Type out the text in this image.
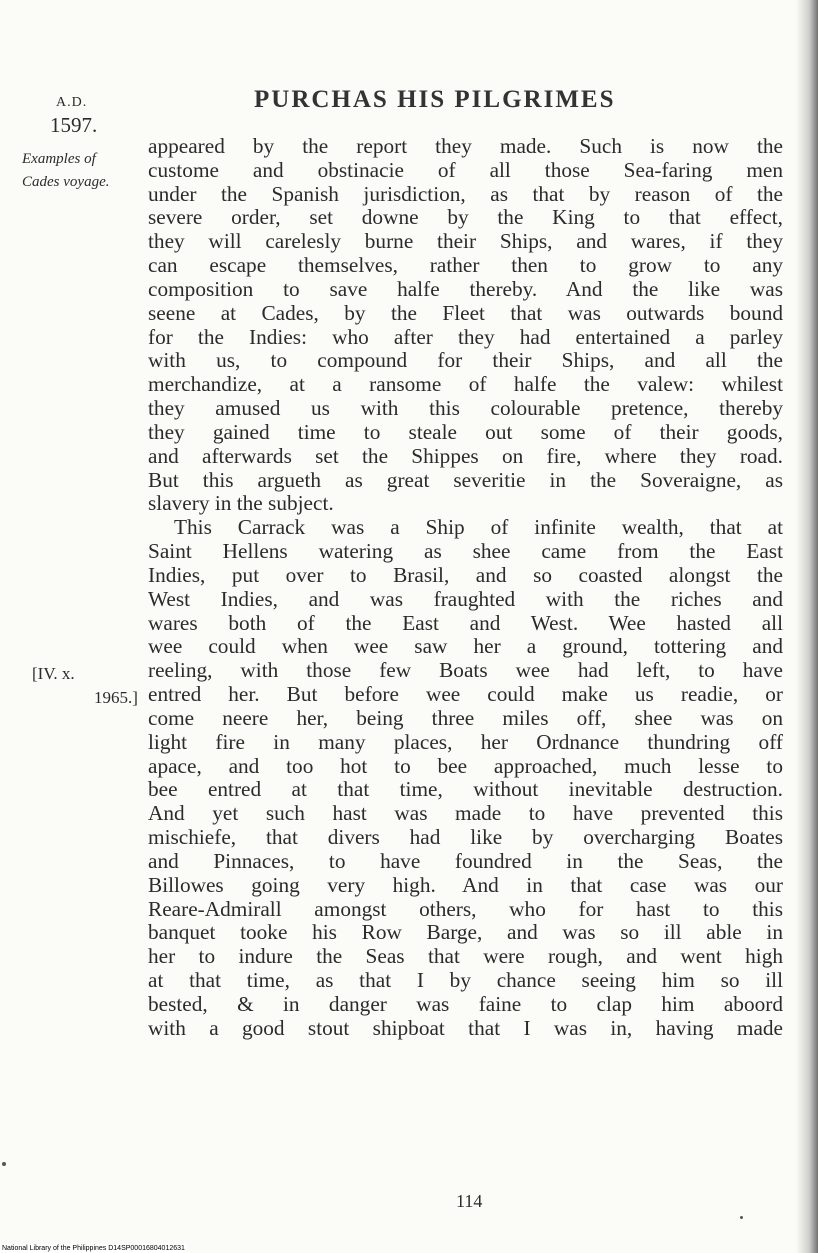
A.D.
1597.
Examples of
Cades voyage.
[IV. x.
1965.]
PURCHAS HIS PILGRIMES
appeared by the report they made. Such is now the
custome and obstinacie of all those Sea-faring men
under the Spanish jurisdiction, as that by reason of the
severe order, set downe by the King to that effect,
they will carelesly burne their Ships, and wares, if they
can escape themselves, rather then to grow to any
composition to save halfe thereby. And the like was
seene at Cades, by the Fleet that was outwards bound
for the Indies: who after they had entertained a parley
with us, to compound for their Ships, and all the
merchandize, at a ransome of halfe the valew: whilest
they amused us with this colourable pretence, thereby
they gained time to steale out some of their goods,
and afterwards set the Shippes on fire, where they road.
But this argueth as great severitie in the Soveraigne, as
slavery in the subject.
This Carrack was a Ship of infinite wealth, that at
Saint Hellens watering as shee came from the East
Indies, put over to Brasil, and so coasted alongst the
West Indies, and was fraughted with the riches and
wares both of the East and West. Wee hasted all
wee could when wee saw her a ground, tottering and
reeling, with those few Boats wee had left, to have
entred her. But before wee could make us readie, or
come neere her, being three miles off, shee was on
light fire in many places, her Ordnance thundring off
apace, and too hot to bee approached, much lesse to
bee entred at that time, without inevitable destruction.
And yet such hast was made to have prevented this
mischiefe, that divers had like by overcharging Boates
and Pinnaces, to have foundred in the Seas, the
Billowes going very high. And in that case was our
Reare-Admirall amongst others, who for hast to this
banquet tooke his Row Barge, and was so ill able in
her to indure the Seas that were rough, and went high
at that time, as that I by chance seeing him so ill
bested, & in danger was faine to clap him aboord
with a good stout shipboat that I was in, having made
114
National Library of the Philippines D14SP00016804012631
